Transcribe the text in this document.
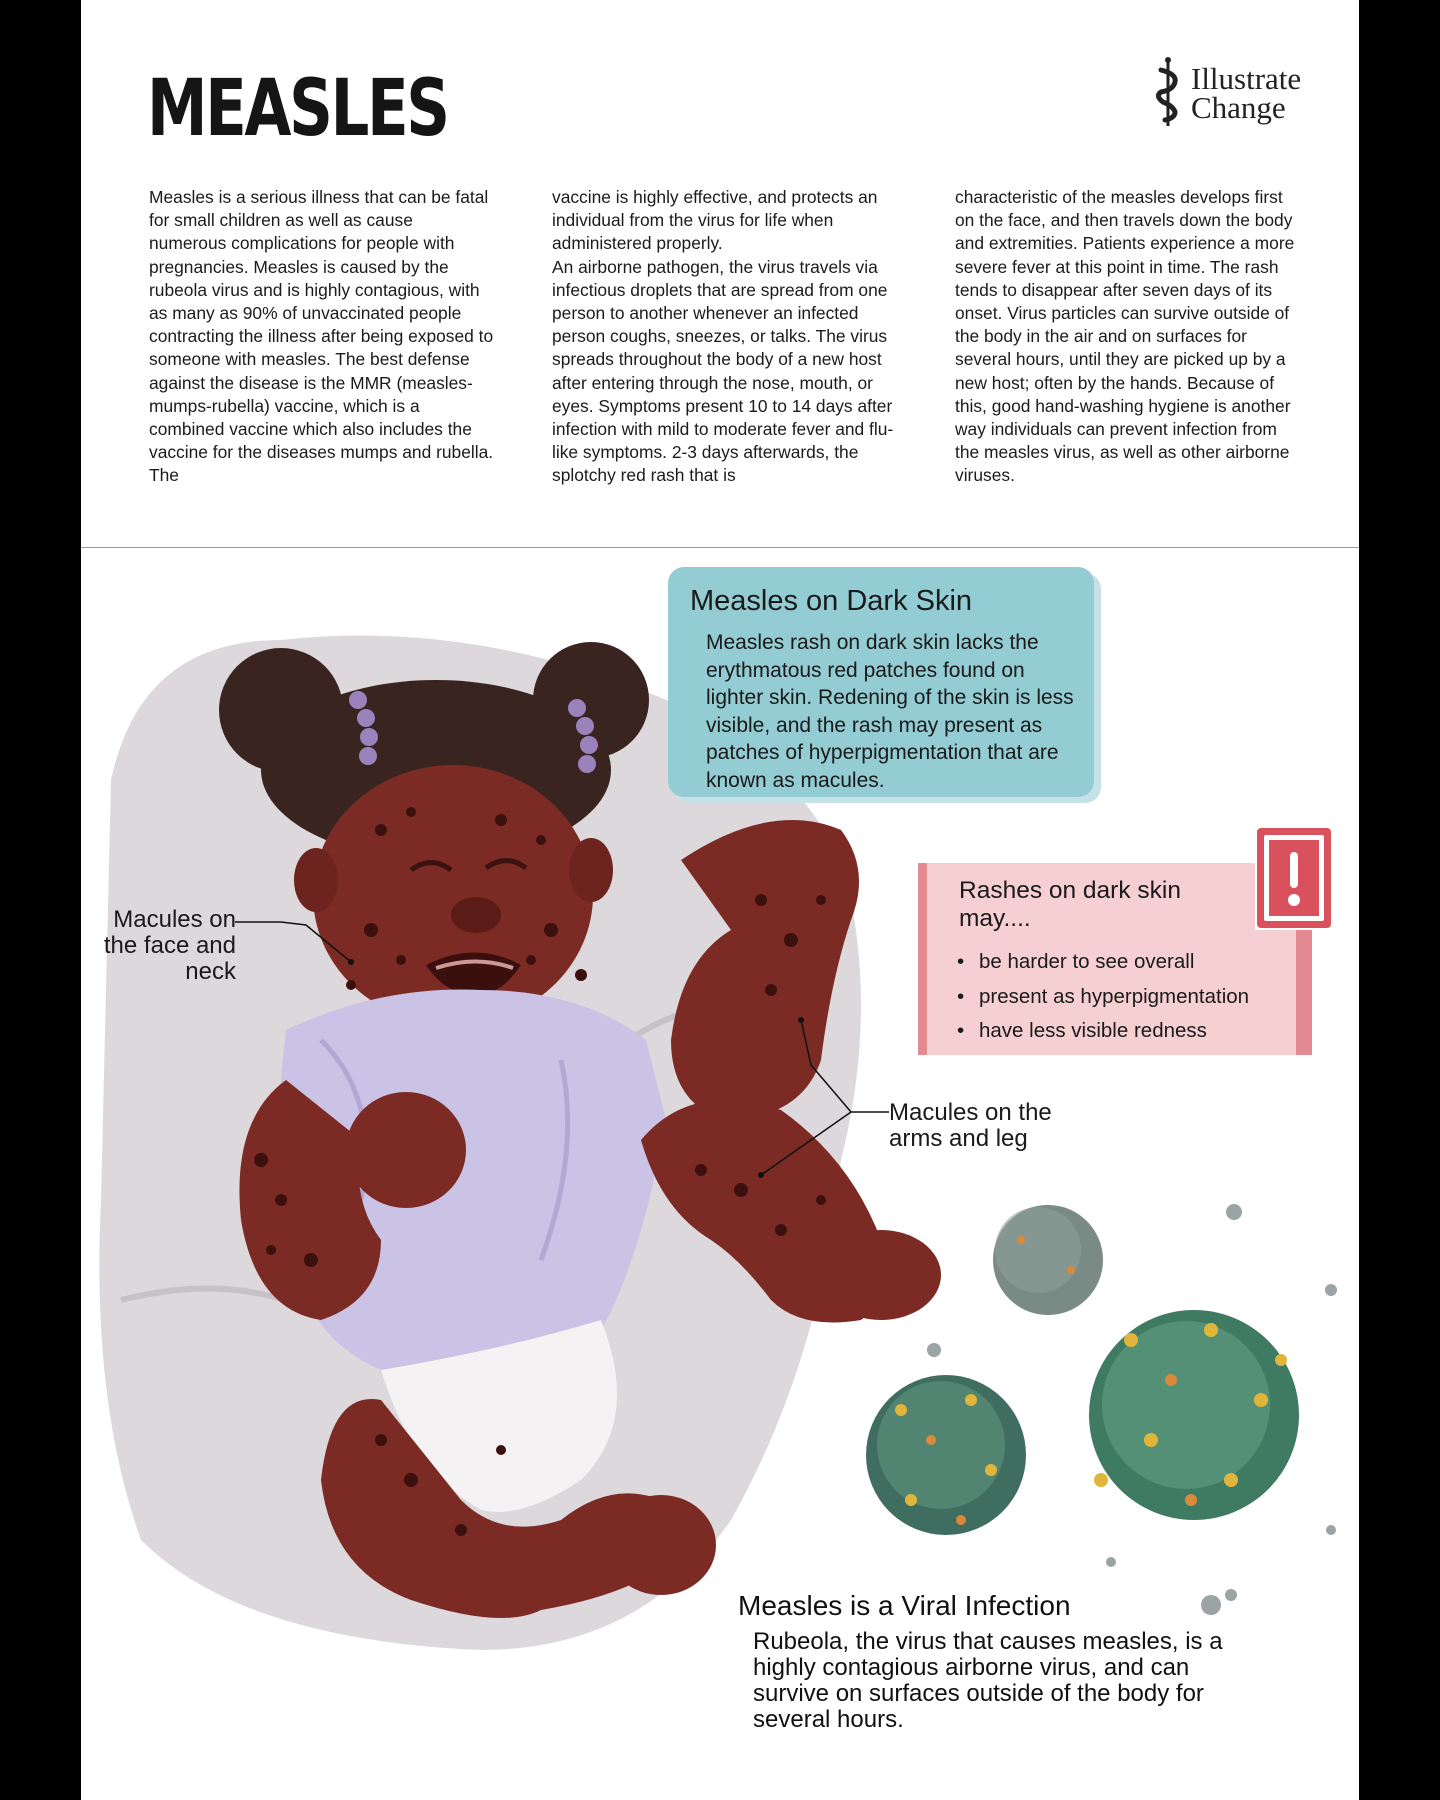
MEASLES	Illustrate
Change

Measles is a serious illness that can be fatal for small children as well as cause numerous complications for people with pregnancies. Measles is caused by the rubeola virus and is highly contagious, with as many as 90% of unvaccinated people contracting the illness after being exposed to someone with measles. The best defense against the disease is the MMR (measles-mumps-rubella) vaccine, which is a combined vaccine which also includes the vaccine for the diseases mumps and rubella. The

vaccine is highly effective, and protects an individual from the virus for life when administered properly.
An airborne pathogen, the virus travels via infectious droplets that are spread from one person to another whenever an infected person coughs, sneezes, or talks. The virus spreads throughout the body of a new host after entering through the nose, mouth, or eyes. Symptoms present 10 to 14 days after infection with mild to moderate fever and flu-like symptoms. 2-3 days afterwards, the splotchy red rash that is

characteristic of the measles develops first on the face, and then travels down the body and extremities. Patients experience a more severe fever at this point in time. The rash tends to disappear after seven days of its onset. Virus particles can survive outside of the body in the air and on surfaces for several hours, until they are picked up by a new host; often by the hands. Because of this, good hand-washing hygiene is another way individuals can prevent infection from the measles virus, as well as other airborne viruses.

Measles on Dark Skin

Measles rash on dark skin lacks the erythmatous red patches found on lighter skin. Redening of the skin is less visible, and the rash may present as patches of hyperpigmentation that are known as macules.

Rashes on dark skin may....

• be harder to see overall
• present as hyperpigmentation
• have less visible redness

Macules on the face and neck

Macules on the arms and leg

Measles is a Viral Infection

Rubeola, the virus that causes measles, is a highly contagious airborne virus, and can survive on surfaces outside of the body for several hours.
